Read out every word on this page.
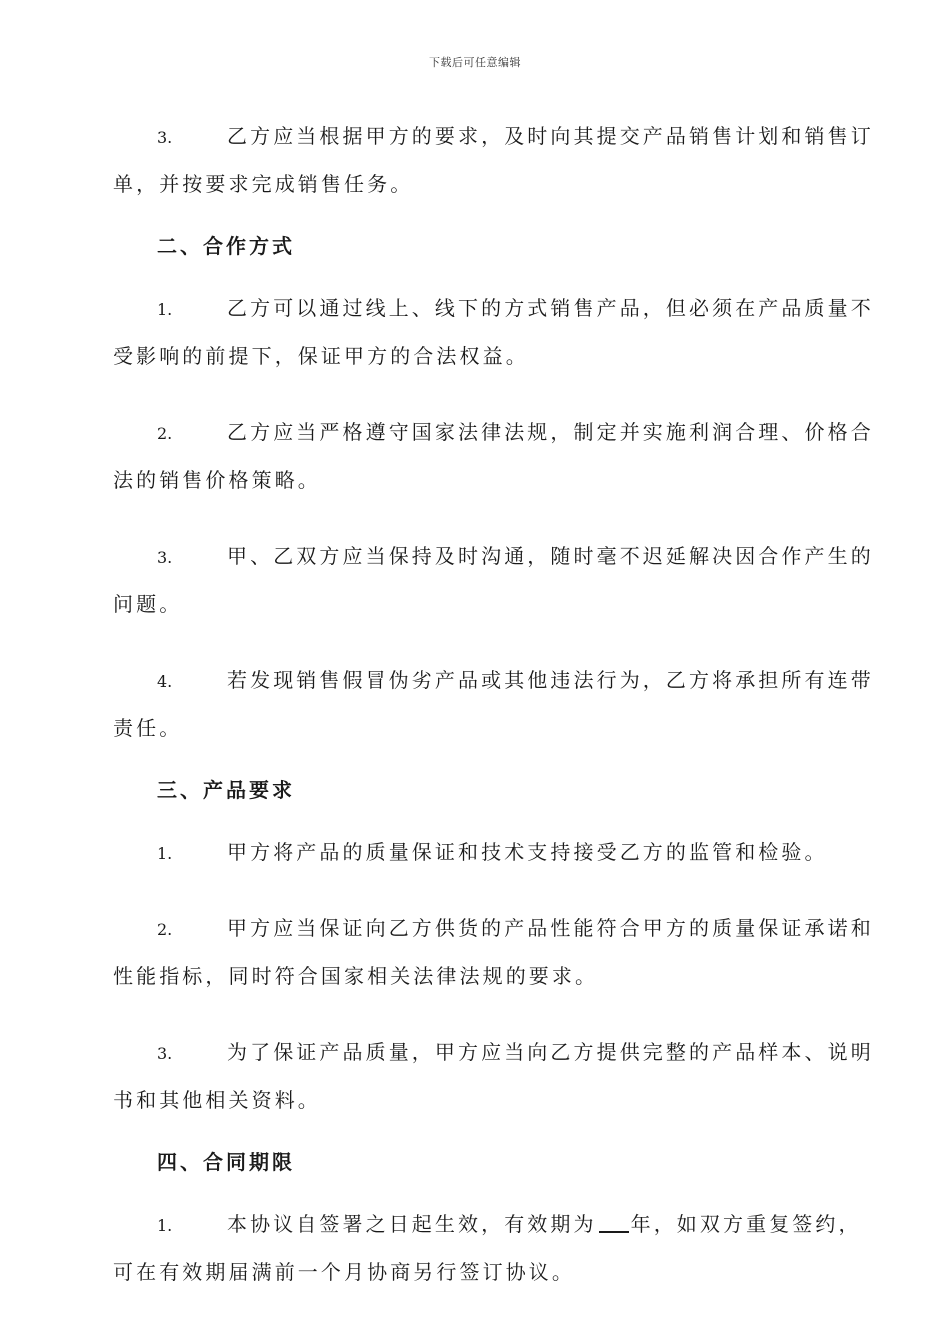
下载后可任意编辑
3.	乙方应当根据甲方的要求，及时向其提交产品销售计划和销售订
单，并按要求完成销售任务。
二、合作方式
1.	乙方可以通过线上、线下的方式销售产品，但必须在产品质量不
受影响的前提下，保证甲方的合法权益。
2.	乙方应当严格遵守国家法律法规，制定并实施利润合理、价格合
法的销售价格策略。
3.	甲、乙双方应当保持及时沟通，随时毫不迟延解决因合作产生的
问题。
4.	若发现销售假冒伪劣产品或其他违法行为，乙方将承担所有连带
责任。
三、产品要求
1.	甲方将产品的质量保证和技术支持接受乙方的监管和检验。
2.	甲方应当保证向乙方供货的产品性能符合甲方的质量保证承诺和
性能指标，同时符合国家相关法律法规的要求。
3.	为了保证产品质量，甲方应当向乙方提供完整的产品样本、说明
书和其他相关资料。
四、合同期限
1.	本协议自签署之日起生效，有效期为 年，如双方重复签约，
可在有效期届满前一个月协商另行签订协议。
